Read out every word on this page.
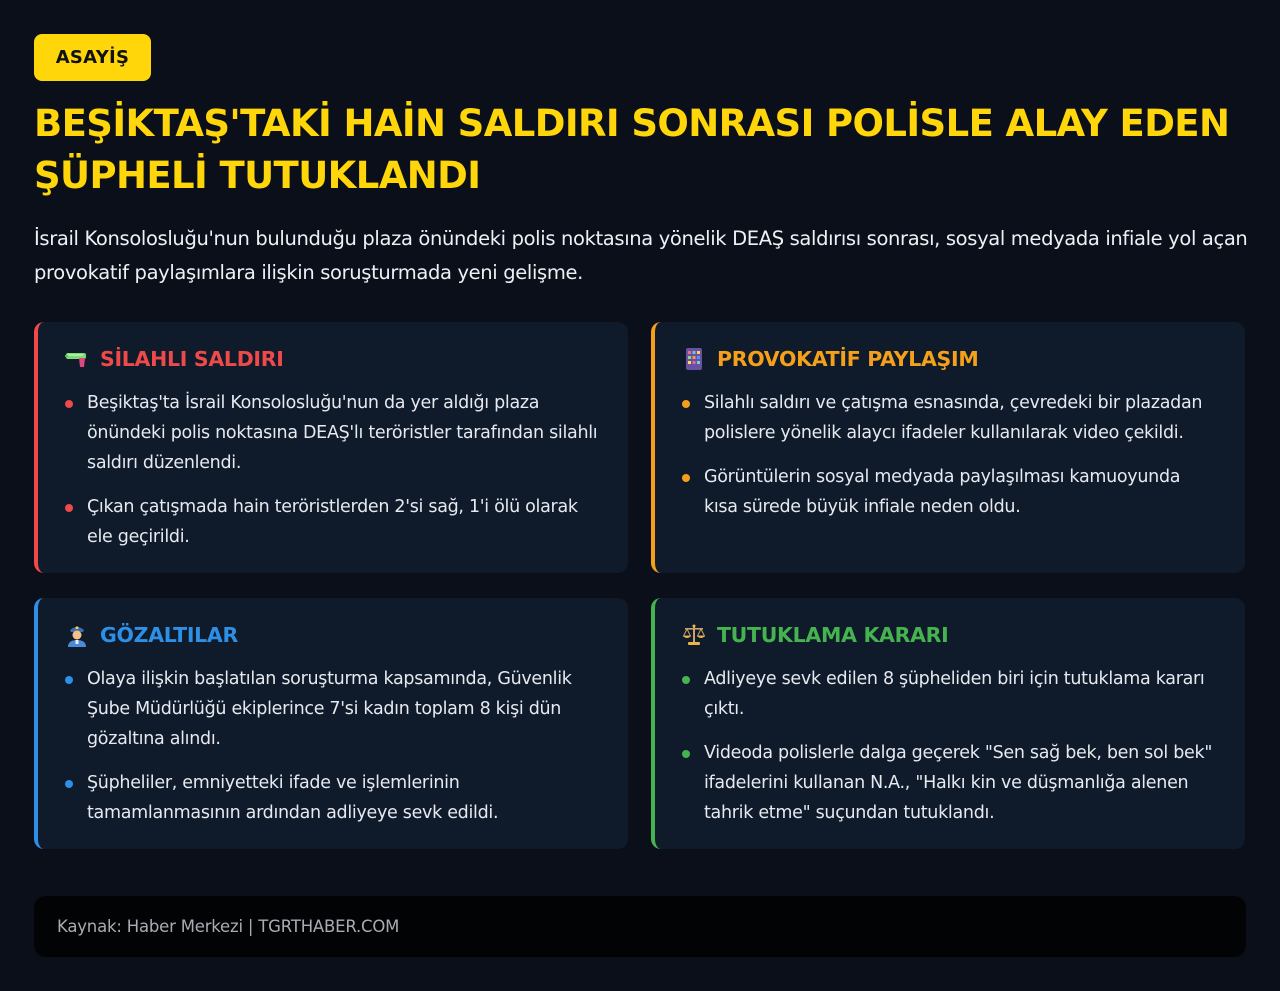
ASAYİŞ
BEŞİKTAŞ'TAKİ HAİN SALDIRI SONRASI POLİSLE ALAY EDEN ŞÜPHELİ TUTUKLANDI

İsrail Konsolosluğu'nun bulunduğu plaza önündeki polis noktasına yönelik DEAŞ saldırısı sonrası, sosyal medyada infiale yol açan provokatif paylaşımlara ilişkin soruşturmada yeni gelişme.

SİLAHLI SALDIRI
Beşiktaş'ta İsrail Konsolosluğu'nun da yer aldığı plaza önündeki polis noktasına DEAŞ'lı teröristler tarafından silahlı saldırı düzenlendi.
Çıkan çatışmada hain teröristlerden 2'si sağ, 1'i ölü olarak ele geçirildi.
PROVOKATİF PAYLAŞIM
Silahlı saldırı ve çatışma esnasında, çevredeki bir plazadan polislere yönelik alaycı ifadeler kullanılarak video çekildi.
Görüntülerin sosyal medyada paylaşılması kamuoyunda kısa sürede büyük infiale neden oldu.
GÖZALTILAR
Olaya ilişkin başlatılan soruşturma kapsamında, Güvenlik Şube Müdürlüğü ekiplerince 7'si kadın toplam 8 kişi dün gözaltına alındı.
Şüpheliler, emniyetteki ifade ve işlemlerinin tamamlanmasının ardından adliyeye sevk edildi.
TUTUKLAMA KARARI
Adliyeye sevk edilen 8 şüpheliden biri için tutuklama kararı çıktı.
Videoda polislerle dalga geçerek "Sen sağ bek, ben sol bek" ifadelerini kullanan N.A., "Halkı kin ve düşmanlığa alenen tahrik etme" suçundan tutuklandı.
Kaynak: Haber Merkezi | TGRTHABER.COM
